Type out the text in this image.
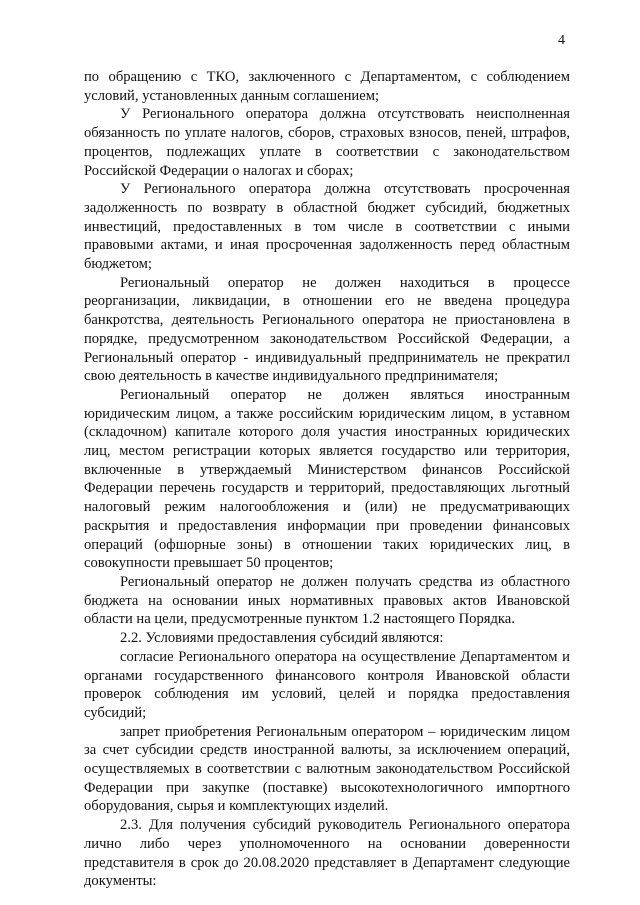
4

по обращению с ТКО, заключенного с Департаментом, с соблюдением условий, установленных данным соглашением;

У Регионального оператора должна отсутствовать неисполненная обязанность по уплате налогов, сборов, страховых взносов, пеней, штрафов, процентов, подлежащих уплате в соответствии с законодательством Российской Федерации о налогах и сборах;

У Регионального оператора должна отсутствовать просроченная задолженность по возврату в областной бюджет субсидий, бюджетных инвестиций, предоставленных в том числе в соответствии с иными правовыми актами, и иная просроченная задолженность перед областным бюджетом;

Региональный оператор не должен находиться в процессе реорганизации, ликвидации, в отношении его не введена процедура банкротства, деятельность Регионального оператора не приостановлена в порядке, предусмотренном законодательством Российской Федерации, а Региональный оператор - индивидуальный предприниматель не прекратил свою деятельность в качестве индивидуального предпринимателя;

Региональный оператор не должен являться иностранным юридическим лицом, а также российским юридическим лицом, в уставном (складочном) капитале которого доля участия иностранных юридических лиц, местом регистрации которых является государство или территория, включенные в утверждаемый Министерством финансов Российской Федерации перечень государств и территорий, предоставляющих льготный налоговый режим налогообложения и (или) не предусматривающих раскрытия и предоставления информации при проведении финансовых операций (офшорные зоны) в отношении таких юридических лиц, в совокупности превышает 50 процентов;

Региональный оператор не должен получать средства из областного бюджета на основании иных нормативных правовых актов Ивановской области на цели, предусмотренные пунктом 1.2 настоящего Порядка.

2.2. Условиями предоставления субсидий являются:

согласие Регионального оператора на осуществление Департаментом и органами государственного финансового контроля Ивановской области проверок соблюдения им условий, целей и порядка предоставления субсидий;

запрет приобретения Региональным оператором – юридическим лицом за счет субсидии средств иностранной валюты, за исключением операций, осуществляемых в соответствии с валютным законодательством Российской Федерации при закупке (поставке) высокотехнологичного импортного оборудования, сырья и комплектующих изделий.

2.3. Для получения субсидий руководитель Регионального оператора лично либо через уполномоченного на основании доверенности представителя в срок до 20.08.2020 представляет в Департамент следующие документы:
